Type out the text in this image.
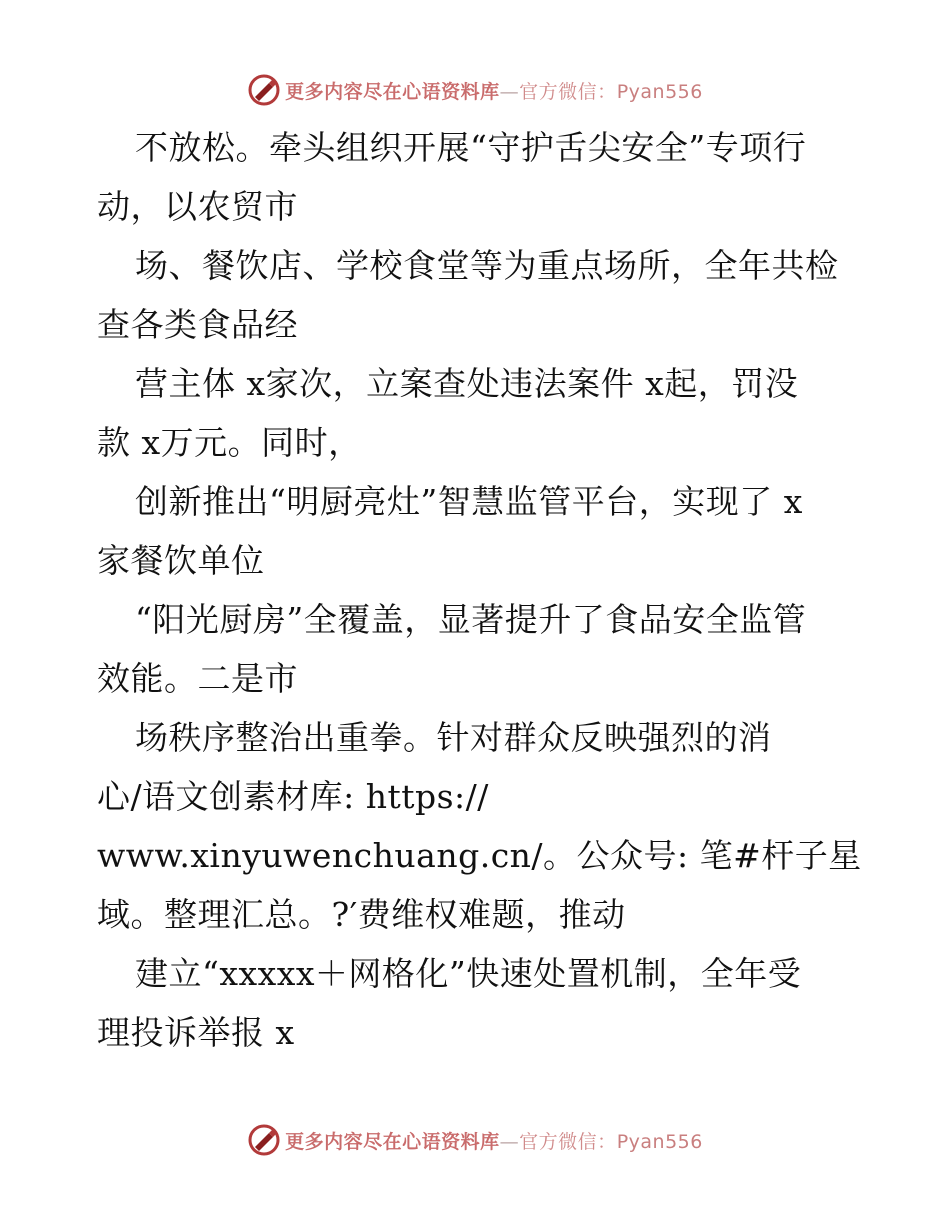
更多内容尽在心语资料库—官方微信：Pyan556
不放松。牵头组织开展“守护舌尖安全”专项行
动，以农贸市
场、餐饮店、学校食堂等为重点场所，全年共检
查各类食品经
营主体 x家次，立案查处违法案件 x起，罚没
款 x万元。同时，
创新推出“明厨亮灶”智慧监管平台，实现了 x
家餐饮单位
“阳光厨房”全覆盖，显著提升了食品安全监管
效能。二是市
场秩序整治出重拳。针对群众反映强烈的消
心/语文创素材库: https://
www.xinyuwenchuang.cn/。公众号: 笔#杆子星
域。整理汇总。?′费维权难题，推动
建立“xxxxx＋网格化”快速处置机制，全年受
理投诉举报 x
更多内容尽在心语资料库—官方微信：Pyan556
